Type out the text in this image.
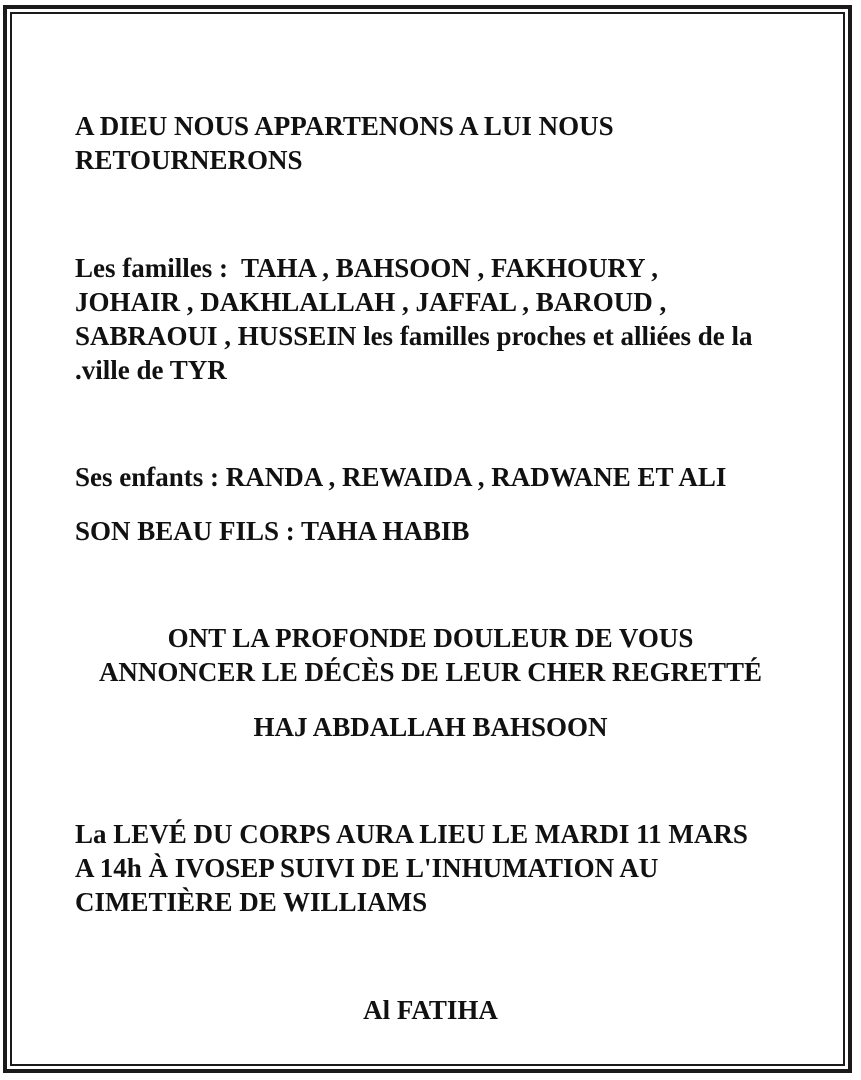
A DIEU NOUS APPARTENONS A LUI NOUS

RETOURNERONS

Les familles :  TAHA , BAHSOON , FAKHOURY ,

JOHAIR , DAKHLALLAH , JAFFAL , BAROUD ,

SABRAOUI , HUSSEIN les familles proches et alliées de la

.ville de TYR

Ses enfants : RANDA , REWAIDA , RADWANE ET ALI

SON BEAU FILS : TAHA HABIB

ONT LA PROFONDE DOULEUR DE VOUS

ANNONCER LE DÉCÈS DE LEUR CHER REGRETTÉ

HAJ ABDALLAH BAHSOON

La LEVÉ DU CORPS AURA LIEU LE MARDI 11 MARS

A 14h À IVOSEP SUIVI DE L'INHUMATION AU

CIMETIÈRE DE WILLIAMS

Al FATIHA
